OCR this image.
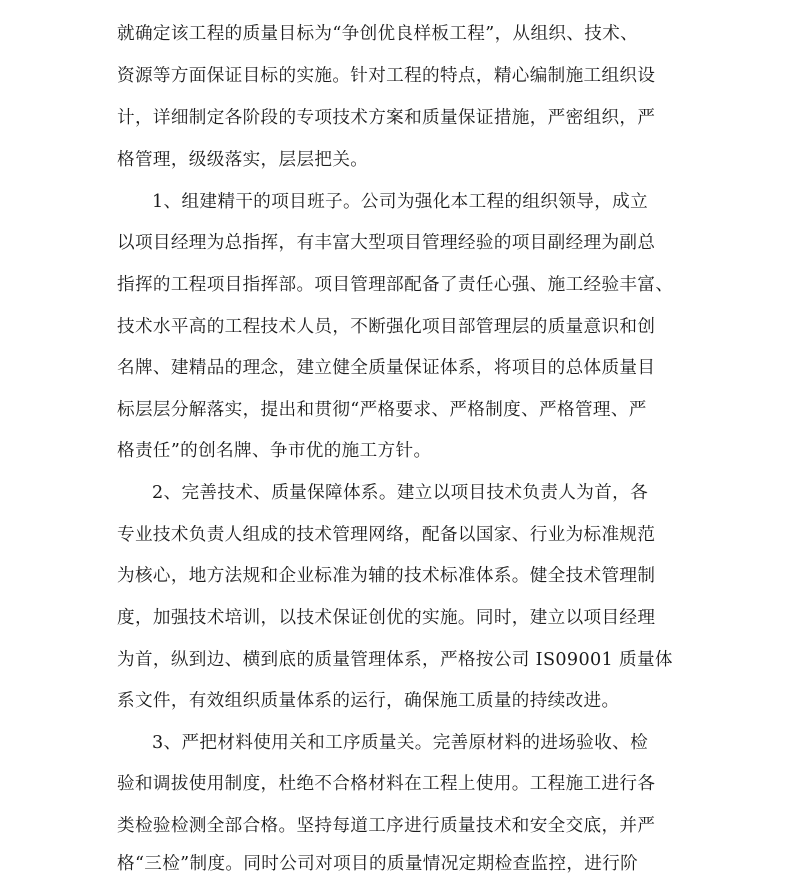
就确定该工程的质量目标为“争创优良样板工程”，从组织、技术、
资源等方面保证目标的实施。针对工程的特点，精心编制施工组织设
计，详细制定各阶段的专项技术方案和质量保证措施，严密组织，严
格管理，级级落实，层层把关。
1、组建精干的项目班子。公司为强化本工程的组织领导，成立
以项目经理为总指挥，有丰富大型项目管理经验的项目副经理为副总
指挥的工程项目指挥部。项目管理部配备了责任心强、施工经验丰富、
技术水平高的工程技术人员，不断强化项目部管理层的质量意识和创
名牌、建精品的理念，建立健全质量保证体系，将项目的总体质量目
标层层分解落实，提出和贯彻“严格要求、严格制度、严格管理、严
格责任”的创名牌、争市优的施工方针。
2、完善技术、质量保障体系。建立以项目技术负责人为首，各
专业技术负责人组成的技术管理网络，配备以国家、行业为标准规范
为核心，地方法规和企业标准为辅的技术标准体系。健全技术管理制
度，加强技术培训，以技术保证创优的实施。同时，建立以项目经理
为首，纵到边、横到底的质量管理体系，严格按公司 IS09001 质量体
系文件，有效组织质量体系的运行，确保施工质量的持续改进。
3、严把材料使用关和工序质量关。完善原材料的进场验收、检
验和调拔使用制度，杜绝不合格材料在工程上使用。工程施工进行各
类检验检测全部合格。坚持每道工序进行质量技术和安全交底，并严
格“三检”制度。同时公司对项目的质量情况定期检查监控，进行阶
